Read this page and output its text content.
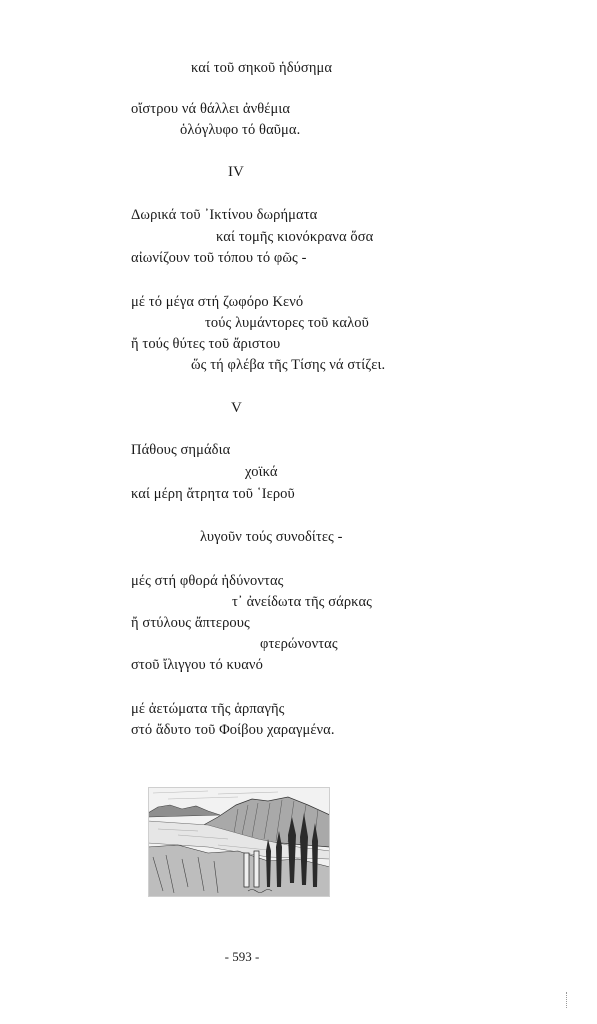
καί τοῦ σηκοῦ ἡδύσημα
οἴστρου νά θάλλει ἀνθέμια
ὁλόγλυφο τό θαῦμα.
IV
Δωρικά τοῦ ᾿Ικτίνου δωρήματα
καί τομῆς κιονόκρανα ὅσα
αἰωνίζουν τοῦ τόπου τό φῶς -
μέ τό μέγα στή ζωφόρο Κενό
τούς λυμάντορες τοῦ καλοῦ
ἤ τούς θύτες τοῦ ἄριστου
ὥς τή φλέβα τῆς Τίσης νά στίζει.
V
Πάθους σημάδια
χοϊκά
καί μέρη ἄτρητα τοῦ ῾Ιεροῦ
λυγοῦν τούς συνοδίτες -
μές στή φθορά ἡδύνοντας
τ᾿ ἀνείδωτα τῆς σάρκας
ἤ στύλους ἄπτερους
φτερώνοντας
στοῦ ἴλιγγου τό κυανό
μέ ἀετώματα τῆς ἁρπαγῆς
στό ἄδυτο τοῦ Φοίβου χαραγμένα.
- 593 -
